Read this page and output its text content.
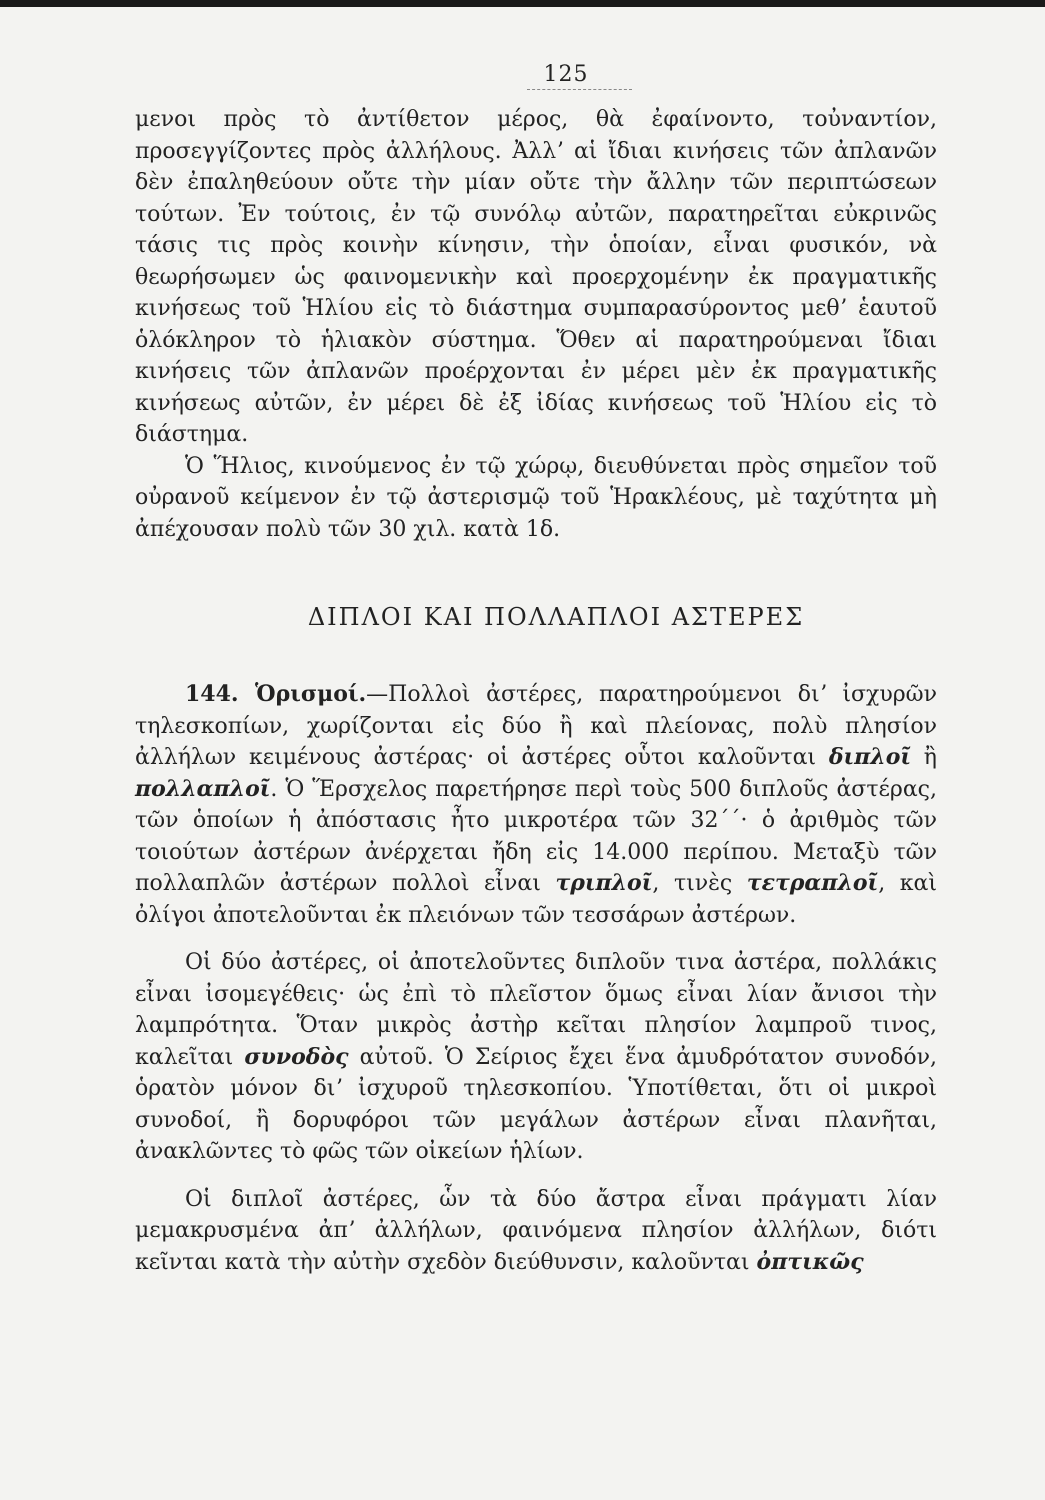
125

μενοι πρὸς τὸ ἀντίθετον μέρος, θὰ ἐφαίνοντο, τοὐναντίον, προσεγγίζοντες πρὸς ἀλλήλους. Ἀλλʼ αἱ ἴδιαι κινήσεις τῶν ἀπλανῶν δὲν ἐπαληθεύουν οὔτε τὴν μίαν οὔτε τὴν ἄλλην τῶν περιπτώσεων τούτων. Ἐν τούτοις, ἐν τῷ συνόλῳ αὐτῶν, παρατηρεῖται εὐκρινῶς τάσις τις πρὸς κοινὴν κίνησιν, τὴν ὁποίαν, εἶναι φυσικόν, νὰ θεωρήσωμεν ὡς φαινομενικὴν καὶ προερχομένην ἐκ πραγματικῆς κινήσεως τοῦ Ἡλίου εἰς τὸ διάστημα συμπαρασύροντος μεθʼ ἑαυτοῦ ὁλόκληρον τὸ ἡλιακὸν σύστημα. Ὅθεν αἱ παρατηρούμεναι ἴδιαι κινήσεις τῶν ἀπλανῶν προέρχονται ἐν μέρει μὲν ἐκ πραγματικῆς κινήσεως αὐτῶν, ἐν μέρει δὲ ἐξ ἰδίας κινήσεως τοῦ Ἡλίου εἰς τὸ διάστημα.

Ὁ Ἥλιος, κινούμενος ἐν τῷ χώρῳ, διευθύνεται πρὸς σημεῖον τοῦ οὐρανοῦ κείμενον ἐν τῷ ἀστερισμῷ τοῦ Ἡρακλέους, μὲ ταχύτητα μὴ ἀπέχουσαν πολὺ τῶν 30 χιλ. κατὰ 1δ.

ΔΙΠΛΟΙ ΚΑΙ ΠΟΛΛΑΠΛΟΙ ΑΣΤΕΡΕΣ

144. Ὁρισμοί.—Πολλοὶ ἀστέρες, παρατηρούμενοι διʼ ἰσχυρῶν τηλεσκοπίων, χωρίζονται εἰς δύο ἢ καὶ πλείονας, πολὺ πλησίον ἀλλήλων κειμένους ἀστέρας· οἱ ἀστέρες οὗτοι καλοῦνται διπλοῖ ἢ πολλαπλοῖ. Ὁ Ἕρσχελος παρετήρησε περὶ τοὺς 500 διπλοῦς ἀστέρας, τῶν ὁποίων ἡ ἀπόστασις ἦτο μικροτέρα τῶν 32΄΄· ὁ ἀριθμὸς τῶν τοιούτων ἀστέρων ἀνέρχεται ἤδη εἰς 14.000 περίπου. Μεταξὺ τῶν πολλαπλῶν ἀστέρων πολλοὶ εἶναι τριπλοῖ, τινὲς τετραπλοῖ, καὶ ὀλίγοι ἀποτελοῦνται ἐκ πλειόνων τῶν τεσσάρων ἀστέρων.

Οἱ δύο ἀστέρες, οἱ ἀποτελοῦντες διπλοῦν τινα ἀστέρα, πολλάκις εἶναι ἰσομεγέθεις· ὡς ἐπὶ τὸ πλεῖστον ὅμως εἶναι λίαν ἄνισοι τὴν λαμπρότητα. Ὅταν μικρὸς ἀστὴρ κεῖται πλησίον λαμπροῦ τινος, καλεῖται συνοδὸς αὐτοῦ. Ὁ Σείριος ἔχει ἕνα ἀμυδρότατον συνοδόν, ὁρατὸν μόνον διʼ ἰσχυροῦ τηλεσκοπίου. Ὑποτίθεται, ὅτι οἱ μικροὶ συνοδοί, ἢ δορυφόροι τῶν μεγάλων ἀστέρων εἶναι πλανῆται, ἀνακλῶντες τὸ φῶς τῶν οἰκείων ἡλίων.

Οἱ διπλοῖ ἀστέρες, ὧν τὰ δύο ἄστρα εἶναι πράγματι λίαν μεμακρυσμένα ἀπʼ ἀλλήλων, φαινόμενα πλησίον ἀλλήλων, διότι κεῖνται κατὰ τὴν αὐτὴν σχεδὸν διεύθυνσιν, καλοῦνται ὀπτικῶς
